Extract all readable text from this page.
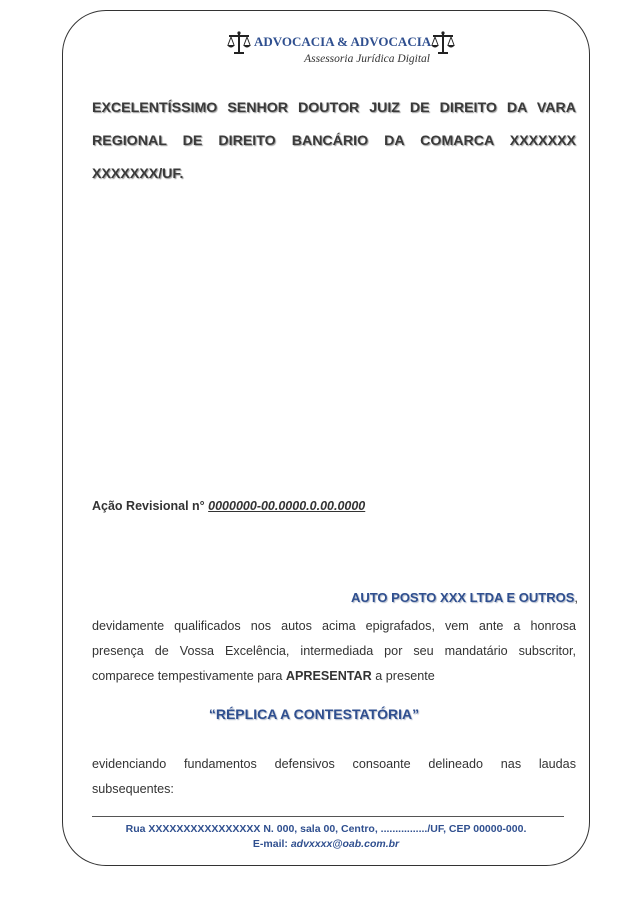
ADVOCACIA & ADVOCACIA
Assessoria Jurídica Digital
EXCELENTÍSSIMO SENHOR DOUTOR JUIZ DE DIREITO DA VARA
REGIONAL DE DIREITO BANCÁRIO DA COMARCA XXXXXXX
XXXXXXX/UF.
Ação Revisional n° 0000000-00.0000.0.00.0000
AUTO POSTO XXX LTDA E OUTROS,
devidamente qualificados nos autos acima epigrafados, vem ante a honrosa
presença de Vossa Excelência, intermediada por seu mandatário subscritor,
comparece tempestivamente para APRESENTAR a presente
“RÉPLICA A CONTESTATÓRIA”
evidenciando fundamentos defensivos consoante delineado nas laudas
subsequentes:
Rua XXXXXXXXXXXXXXXX N. 000, sala 00, Centro, ................/UF, CEP 00000-000.
E-mail: advxxxx@oab.com.br
